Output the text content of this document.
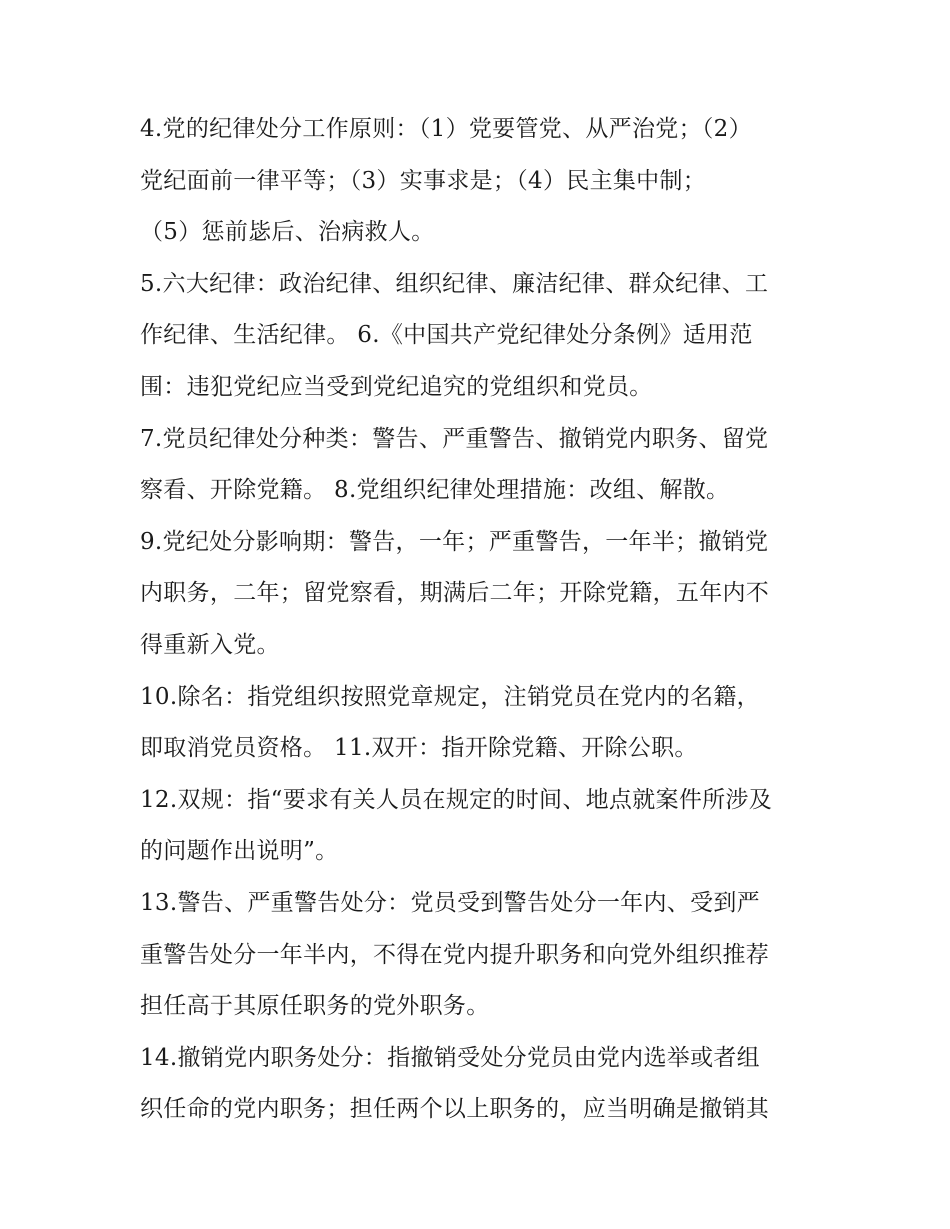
4.党的纪律处分工作原则：（1）党要管党、从严治党；（2）
党纪面前一律平等；（3）实事求是；（4）民主集中制；
（5）惩前毖后、治病救人。
5.六大纪律：政治纪律、组织纪律、廉洁纪律、群众纪律、工
作纪律、生活纪律。 6.《中国共产党纪律处分条例》适用范
围：违犯党纪应当受到党纪追究的党组织和党员。
7.党员纪律处分种类：警告、严重警告、撤销党内职务、留党
察看、开除党籍。 8.党组织纪律处理措施：改组、解散。
9.党纪处分影响期：警告，一年；严重警告，一年半；撤销党
内职务，二年；留党察看，期满后二年；开除党籍，五年内不
得重新入党。
10.除名：指党组织按照党章规定，注销党员在党内的名籍，
即取消党员资格。 11.双开：指开除党籍、开除公职。
12.双规：指“要求有关人员在规定的时间、地点就案件所涉及
的问题作出说明”。
13.警告、严重警告处分：党员受到警告处分一年内、受到严
重警告处分一年半内，不得在党内提升职务和向党外组织推荐
担任高于其原任职务的党外职务。
14.撤销党内职务处分：指撤销受处分党员由党内选举或者组
织任命的党内职务；担任两个以上职务的，应当明确是撤销其
